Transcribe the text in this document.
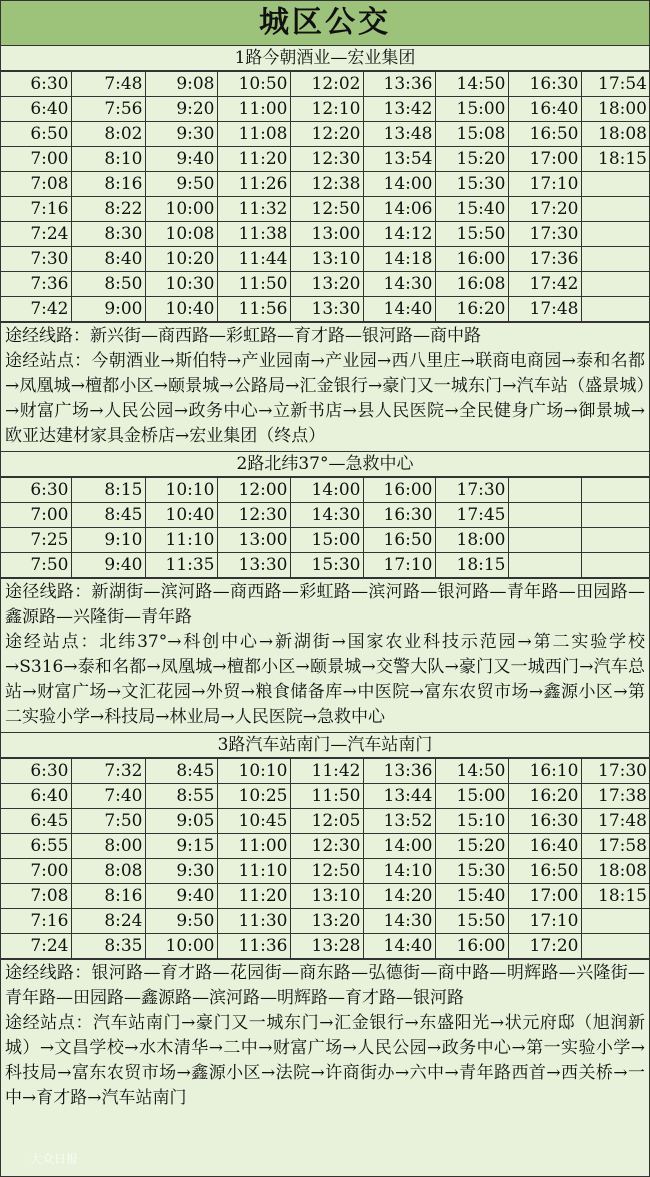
城区公交
1路今朝酒业—宏业集团
6:30	7:48	9:08	10:50	12:02	13:36	14:50	16:30	17:54
6:40	7:56	9:20	11:00	12:10	13:42	15:00	16:40	18:00
6:50	8:02	9:30	11:08	12:20	13:48	15:08	16:50	18:08
7:00	8:10	9:40	11:20	12:30	13:54	15:20	17:00	18:15
7:08	8:16	9:50	11:26	12:38	14:00	15:30	17:10	
7:16	8:22	10:00	11:32	12:50	14:06	15:40	17:20	
7:24	8:30	10:08	11:38	13:00	14:12	15:50	17:30	
7:30	8:40	10:20	11:44	13:10	14:18	16:00	17:36	
7:36	8:50	10:30	11:50	13:20	14:30	16:08	17:42	
7:42	9:00	10:40	11:56	13:30	14:40	16:20	17:48	

途经线路：新兴街—商西路—彩虹路—育才路—银河路—商中路

途经站点：今朝酒业→斯伯特→产业园南→产业园→西八里庄→联商电商园→泰和名都→凤凰城→檀都小区→颐景城→公路局→汇金银行→豪门又一城东门→汽车站（盛景城）→财富广场→人民公园→政务中心→立新书店→县人民医院→全民健身广场→御景城→欧亚达建材家具金桥店→宏业集团（终点）

2路北纬37°—急救中心
6:30	8:15	10:10	12:00	14:00	16:00	17:30		
7:00	8:45	10:40	12:30	14:30	16:30	17:45		
7:25	9:10	11:10	13:00	15:00	16:50	18:00		
7:50	9:40	11:35	13:30	15:30	17:10	18:15		

途径线路：新湖街—滨河路—商西路—彩虹路—滨河路—银河路—青年路—田园路—鑫源路—兴隆街—青年路

途经站点：北纬37°→科创中心→新湖街→国家农业科技示范园→第二实验学校→S316→泰和名都→凤凰城→檀都小区→颐景城→交警大队→豪门又一城西门→汽车总站→财富广场→文汇花园→外贸→粮食储备库→中医院→富东农贸市场→鑫源小区→第二实验小学→科技局→林业局→人民医院→急救中心

3路汽车站南门—汽车站南门
6:30	7:32	8:45	10:10	11:42	13:36	14:50	16:10	17:30
6:40	7:40	8:55	10:25	11:50	13:44	15:00	16:20	17:38
6:45	7:50	9:05	10:45	12:05	13:52	15:10	16:30	17:48
6:55	8:00	9:15	11:00	12:30	14:00	15:20	16:40	17:58
7:00	8:08	9:30	11:10	12:50	14:10	15:30	16:50	18:08
7:08	8:16	9:40	11:20	13:10	14:20	15:40	17:00	18:15
7:16	8:24	9:50	11:30	13:20	14:30	15:50	17:10	
7:24	8:35	10:00	11:36	13:28	14:40	16:00	17:20	

途经线路：银河路—育才路—花园街—商东路—弘德街—商中路—明辉路—兴隆街—青年路—田园路—鑫源路—滨河路—明辉路—育才路—银河路

途经站点：汽车站南门→豪门又一城东门→汇金银行→东盛阳光→状元府邸（旭润新城）→文昌学校→水木清华→二中→财富广场→人民公园→政务中心→第一实验小学→科技局→富东农贸市场→鑫源小区→法院→许商街办→六中→青年路西首→西关桥→一中→育才路→汽车站南门

大众日报
